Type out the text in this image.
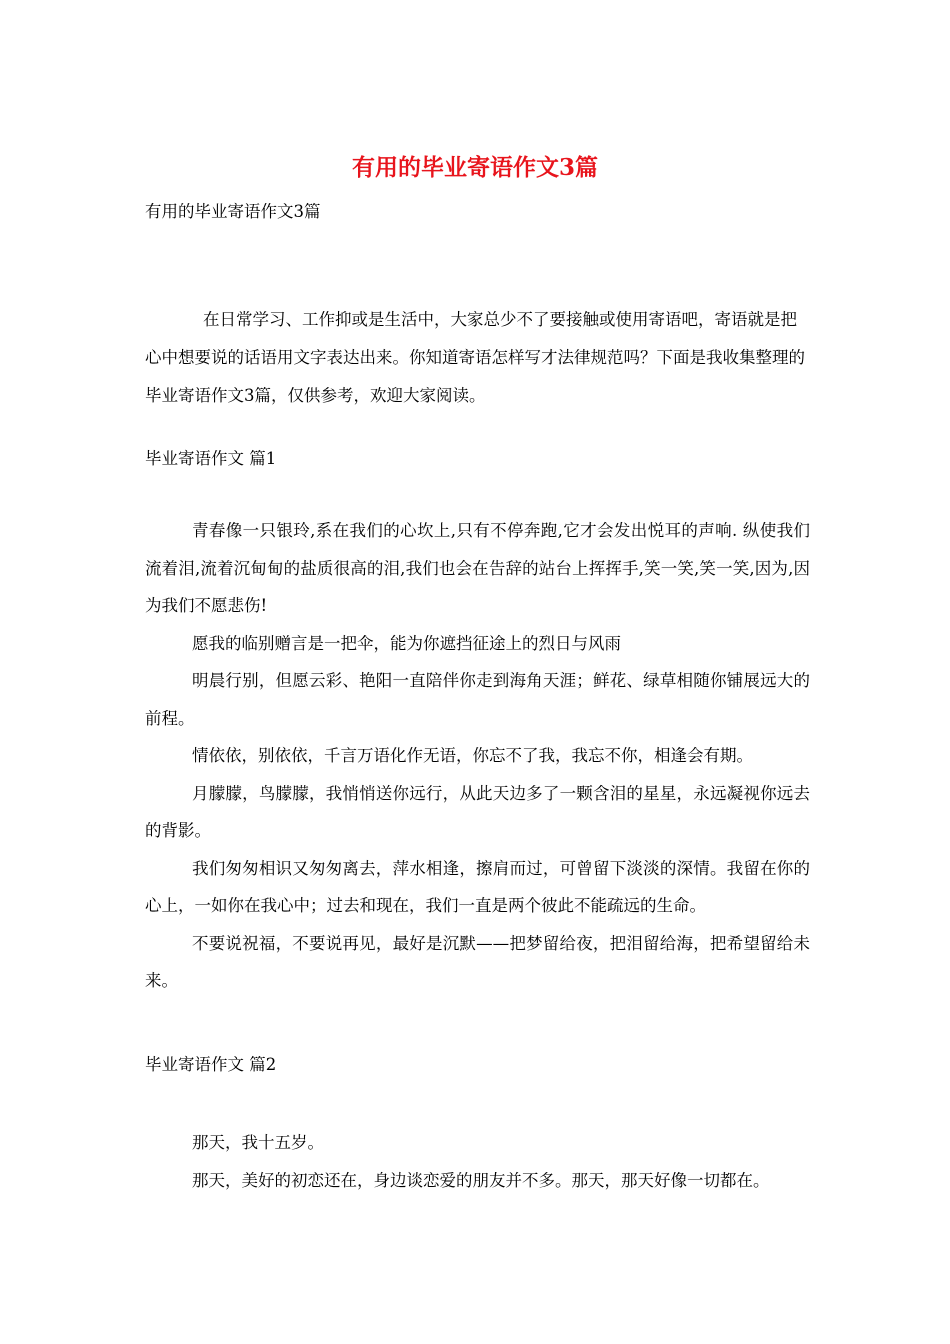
有用的毕业寄语作文3篇

有用的毕业寄语作文3篇

在日常学习、工作抑或是生活中，大家总少不了要接触或使用寄语吧，寄语就是把心中想要说的话语用文字表达出来。你知道寄语怎样写才法律规范吗？下面是我收集整理的毕业寄语作文3篇，仅供参考，欢迎大家阅读。

毕业寄语作文 篇1

青春像一只银玲,系在我们的心坎上,只有不停奔跑,它才会发出悦耳的声响. 纵使我们流着泪,流着沉甸甸的盐质很高的泪,我们也会在告辞的站台上挥挥手,笑一笑,笑一笑,因为,因为我们不愿悲伤!

愿我的临别赠言是一把伞，能为你遮挡征途上的烈日与风雨

明晨行别，但愿云彩、艳阳一直陪伴你走到海角天涯；鲜花、绿草相随你铺展远大的前程。

情依依，别依依，千言万语化作无语，你忘不了我，我忘不你，相逢会有期。

月朦朦，鸟朦朦，我悄悄送你远行，从此天边多了一颗含泪的星星，永远凝视你远去的背影。

我们匆匆相识又匆匆离去，萍水相逢，擦肩而过，可曾留下淡淡的深情。我留在你的心上，一如你在我心中；过去和现在，我们一直是两个彼此不能疏远的生命。

不要说祝福，不要说再见，最好是沉默——把梦留给夜，把泪留给海，把希望留给未来。

毕业寄语作文 篇2

那天，我十五岁。

那天，美好的初恋还在，身边谈恋爱的朋友并不多。那天，那天好像一切都在。
